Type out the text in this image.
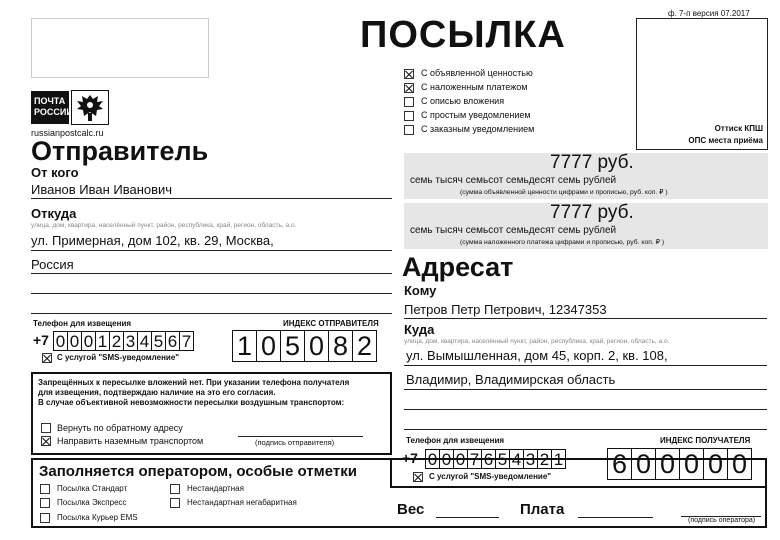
ПОСЫЛКА
ф. 7-п версия 07.2017
Оттиск КПШ
ОПС места приёма
ПОЧТА
РОССИИ
russianpostcalc.ru
С объявленной ценностью
С наложенным платежом
С описью вложения
С простым уведомлением
С заказным уведомлением
Отправитель
От кого
Иванов Иван Иванович
Откуда
улица, дом, квартира, населённый пункт, район, республика, край, регион, область, а.о.
ул. Примерная, дом 102, кв. 29, Москва,
Россия
Телефон для извещения	ИНДЕКС ОТПРАВИТЕЛЯ
+7 0 0 0 1 2 3 4 5 6 7
С услугой "SMS-уведомление" 1 0 5 0 8 2
Запрещённых к пересылке вложений нет. При указании телефона получателя
для извещения, подтверждаю наличие на это его согласия.
В случае объективной невозможности пересылки воздушным транспортом:
Вернуть по обратному адресу
Направить наземным транспортом	(подпись отправителя)
Заполняется оператором, особые отметки
Посылка Стандарт	Нестандартная
Посылка Экспресс	Нестандартная негабаритная
Посылка Курьер EMS	Вес	Плата
(подпись оператора)
7777 руб.
семь тысяч семьсот семьдесят семь рублей
(сумма объявленной ценности цифрами и прописью, руб. коп. ₽ )
7777 руб.
семь тысяч семьсот семьдесят семь рублей
(сумма наложенного платежа цифрами и прописью, руб. коп. ₽ )
Адресат
Кому
Петров Петр Петрович, 12347353
Куда
улица, дом, квартира, населённый пункт, район, республика, край, регион, область, а.о.
ул. Вымышленная, дом 45, корп. 2, кв. 108,
Владимир, Владимирская область
Телефон для извещения	ИНДЕКС ПОЛУЧАТЕЛЯ
+7 0 0 0 7 6 5 4 3 2 1
С услугой "SMS-уведомление" 6 0 0 0 0 0
